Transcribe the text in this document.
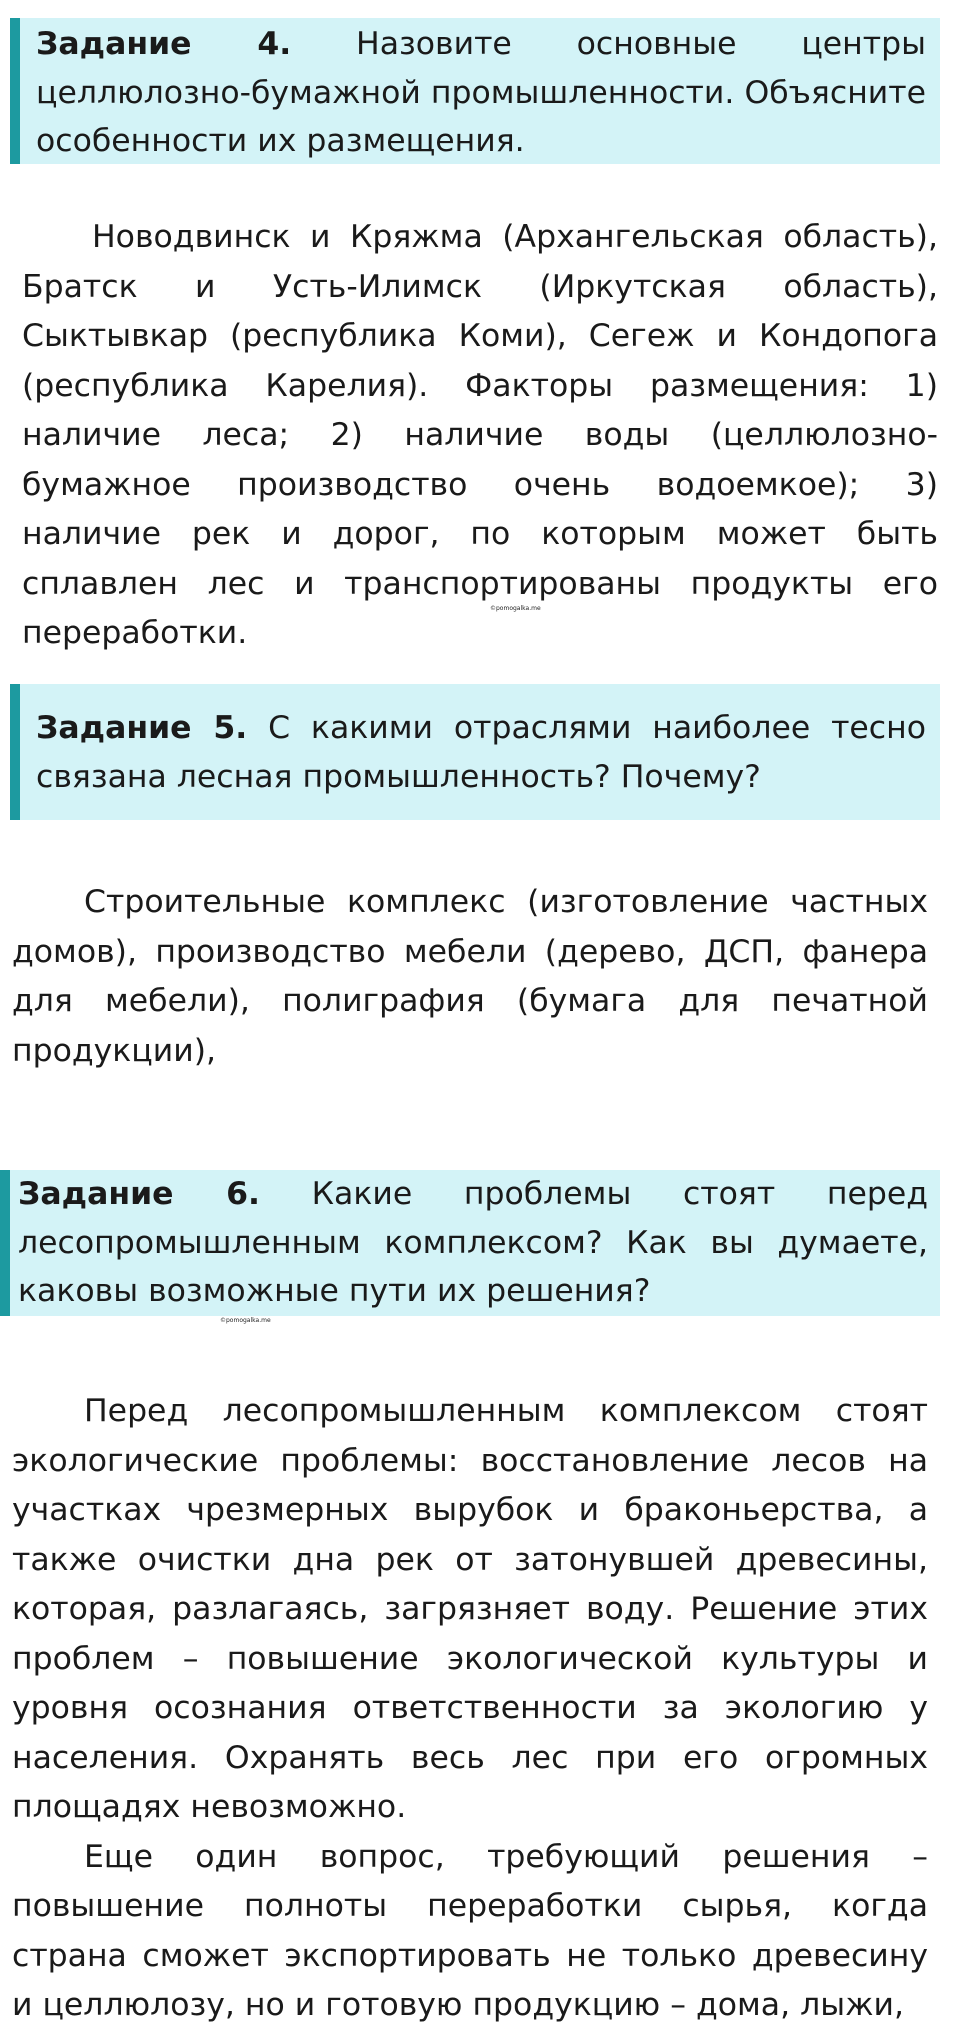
Задание 4. Назовите основные центры целлюлозно-бумажной промышленности. Объясните особенности их размещения.

Новодвинск и Кряжма (Архангельская область), Братск и Усть-Илимск (Иркутская область), Сыктывкар (республика Коми), Сегеж и Кондопога (республика Карелия). Факторы размещения: 1) наличие леса; 2) наличие воды (целлюлозно-бумажное производство очень водоемкое); 3) наличие рек и дорог, по которым может быть сплавлен лес и транспортированы продукты его переработки.

©pomogalka.me
Задание 5. С какими отраслями наиболее тесно связана лесная промышленность? Почему?

Строительные комплекс (изготовление частных домов), производство мебели (дерево, ДСП, фанера для мебели), полиграфия (бумага для печатной продукции),

Задание 6. Какие проблемы стоят перед лесопромышленным комплексом? Как вы думаете, каковы возможные пути их решения?
©pomogalka.me

Перед лесопромышленным комплексом стоят экологические проблемы: восстановление лесов на участках чрезмерных вырубок и браконьерства, а также очистки дна рек от затонувшей древесины, которая, разлагаясь, загрязняет воду. Решение этих проблем – повышение экологической культуры и уровня осознания ответственности за экологию у населения. Охранять весь лес при его огромных площадях невозможно.

Еще один вопрос, требующий решения – повышение полноты переработки сырья, когда страна сможет экспортировать не только древесину и целлюлозу, но и готовую продукцию – дома, лыжи,
